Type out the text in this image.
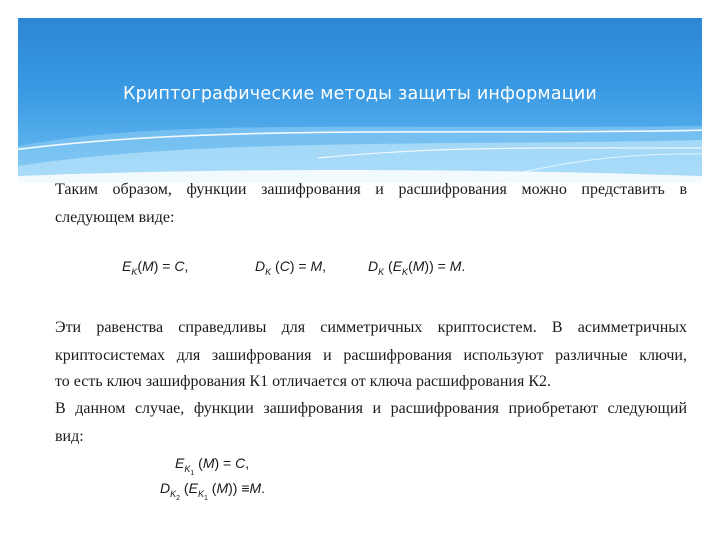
Криптографические методы защиты информации
Таким образом, функции зашифрования и расшифрования можно представить в
следующем виде:
$E_K(M) = C$,	$D_K$ (C) = M,	$D_K$ $(E_K(M)) = M$.
Эти равенства справедливы для симметричных криптосистем. В асимметричных
криптосистемах для зашифрования и расшифрования используют различные ключи,
то есть ключ зашифрования К1 отличается от ключа расшифрования К2.
В данном случае, функции зашифрования и расшифрования приобретают следующий
вид:
$E_{K_1}$ (M) = C,
$D_{K_2}$ ($E_{K_1}$ (M)) ≡M.
